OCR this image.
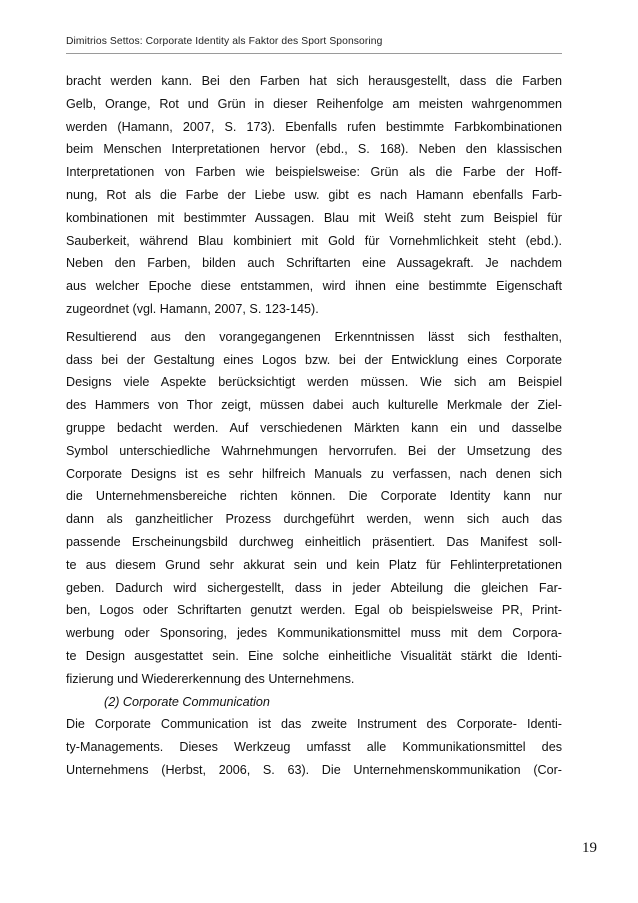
Dimitrios Settos: Corporate Identity als Faktor des Sport Sponsoring
bracht werden kann. Bei den Farben hat sich herausgestellt, dass die Farben
Gelb, Orange, Rot und Grün in dieser Reihenfolge am meisten wahrgenommen
werden (Hamann, 2007, S. 173). Ebenfalls rufen bestimmte Farbkombinationen
beim Menschen Interpretationen hervor (ebd., S. 168). Neben den klassischen
Interpretationen von Farben wie beispielsweise: Grün als die Farbe der Hoff-
nung, Rot als die Farbe der Liebe usw. gibt es nach Hamann ebenfalls Farb-
kombinationen mit bestimmter Aussagen. Blau mit Weiß steht zum Beispiel für
Sauberkeit, während Blau kombiniert mit Gold für Vornehmlichkeit steht (ebd.).
Neben den Farben, bilden auch Schriftarten eine Aussagekraft. Je nachdem
aus welcher Epoche diese entstammen, wird ihnen eine bestimmte Eigenschaft
zugeordnet (vgl. Hamann, 2007, S. 123-145).
Resultierend aus den vorangegangenen Erkenntnissen lässt sich festhalten,
dass bei der Gestaltung eines Logos bzw. bei der Entwicklung eines Corporate
Designs viele Aspekte berücksichtigt werden müssen. Wie sich am Beispiel
des Hammers von Thor zeigt, müssen dabei auch kulturelle Merkmale der Ziel-
gruppe bedacht werden. Auf verschiedenen Märkten kann ein und dasselbe
Symbol unterschiedliche Wahrnehmungen hervorrufen. Bei der Umsetzung des
Corporate Designs ist es sehr hilfreich Manuals zu verfassen, nach denen sich
die Unternehmensbereiche richten können. Die Corporate Identity kann nur
dann als ganzheitlicher Prozess durchgeführt werden, wenn sich auch das
passende Erscheinungsbild durchweg einheitlich präsentiert. Das Manifest soll-
te aus diesem Grund sehr akkurat sein und kein Platz für Fehlinterpretationen
geben. Dadurch wird sichergestellt, dass in jeder Abteilung die gleichen Far-
ben, Logos oder Schriftarten genutzt werden. Egal ob beispielsweise PR, Print-
werbung oder Sponsoring, jedes Kommunikationsmittel muss mit dem Corpora-
te Design ausgestattet sein. Eine solche einheitliche Visualität stärkt die Identi-
fizierung und Wiedererkennung des Unternehmens.
(2) Corporate Communication
Die Corporate Communication ist das zweite Instrument des Corporate- Identi-
ty-Managements. Dieses Werkzeug umfasst alle Kommunikationsmittel des
Unternehmens (Herbst, 2006, S. 63). Die Unternehmenskommunikation (Cor-
19
